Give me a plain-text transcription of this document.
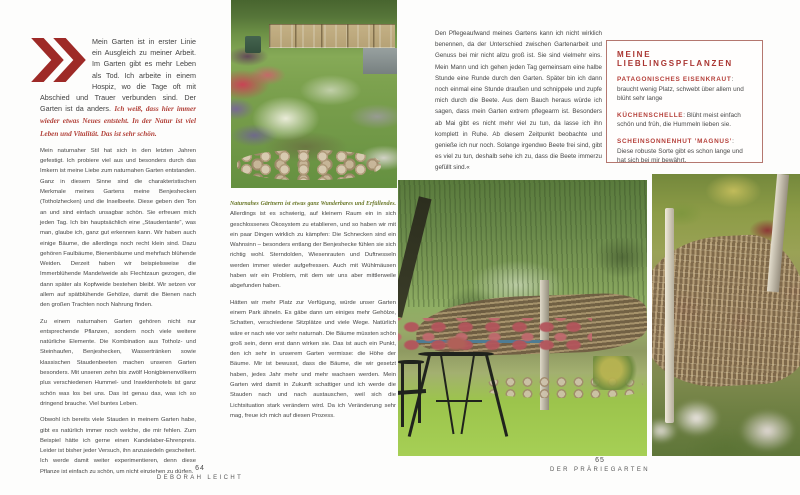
Mein Garten ist in erster Linie ein Ausgleich zu meiner Arbeit. Im Garten gibt es mehr Leben als Tod. Ich arbeite in einem Hospiz, wo die Tage oft mit Abschied und Trauer verbunden sind. Der Garten ist da anders. Ich weiß, dass hier immer wieder etwas Neues entsteht. In der Natur ist viel Leben und Vitalität. Das ist sehr schön.

Mein naturnaher Stil hat sich in den letzten Jahren gefestigt. Ich probiere viel aus und besonders durch das Imkern ist meine Liebe zum naturnahen Garten entstanden. Ganz in diesem Sinne sind die charakteristischen Merkmale meines Gartens meine Benjeshecken (Totholzhecken) und die Inselbeete. Diese geben den Ton an und sind einfach unsagbar schön. Sie erfreuen mich jeden Tag. Ich bin hauptsächlich eine „Staudentante“, was man, glaube ich, ganz gut erkennen kann. Wir haben auch einige Bäume, die allerdings noch recht klein sind. Dazu gehören Faulbäume, Bienenbäume und mehrfach blühende Weiden. Derzeit haben wir beispielsweise die Immerblühende Mandelweide als Flechtzaun gezogen, die dann später als Kopfweide bestehen bleibt. Wir setzen vor allem auf spätblühende Gehölze, damit die Bienen nach den großen Trachten noch Nahrung finden.

Zu einem naturnahen Garten gehören nicht nur entsprechende Pflanzen, sondern noch viele weitere natürliche Elemente. Die Kombination aus Totholz- und Steinhaufen, Benjeshecken, Wassertränken sowie klassischen Staudenbeeten machen unseren Garten besonders. Mit unseren zehn bis zwölf Honigbienenvölkern plus verschiedenen Hummel- und Insektenhotels ist ganz schön was los bei uns. Das ist genau das, was ich so dringend brauche. Viel buntes Leben.

Obwohl ich bereits viele Stauden in meinem Garten habe, gibt es natürlich immer noch welche, die mir fehlen. Zum Beispiel hätte ich gerne einen Kandelaber-Ehrenpreis. Leider ist bisher jeder Versuch, ihn anzusiedeln gescheitert. Ich werde damit weiter experimentieren, denn diese Pflanze ist einfach zu schön, um nicht einziehen zu dürfen.

Naturnahes Gärtnern ist etwas ganz Wunderbares und Erfüllendes. Allerdings ist es schwierig, auf kleinem Raum ein in sich geschlossenes Ökosystem zu etablieren, und so haben wir mit ein paar Dingen wirklich zu kämpfen: Die Schnecken sind ein Wahnsinn – besonders entlang der Benjeshecke fühlen sie sich richtig wohl. Sterndolden, Wiesenrauten und Duftnesseln werden immer wieder aufgefressen. Auch mit Wühlmäusen haben wir ein Problem, mit dem wir uns aber mittlerweile abgefunden haben.

Hätten wir mehr Platz zur Verfügung, würde unser Garten einem Park ähneln. Es gäbe dann um einiges mehr Gehölze, Schatten, verschiedene Sitzplätze und viele Wege. Natürlich wäre er nach wie vor sehr naturnah. Die Bäume müssten schön groß sein, denn erst dann wirken sie. Das ist auch ein Punkt, den ich sehr in unserem Garten vermisse: die Höhe der Bäume. Mir ist bewusst, dass die Bäume, die wir gesetzt haben, jedes Jahr mehr und mehr wachsen werden. Mein Garten wird damit in Zukunft schattiger und ich werde die Stauden nach und nach austauschen, weil sich die Lichtsituation stark verändern wird. Da ich Veränderung sehr mag, freue ich mich auf diesen Prozess.

Den Pflegeaufwand meines Gartens kann ich nicht wirklich benennen, da der Unterschied zwischen Gartenarbeit und Genuss bei mir nicht allzu groß ist. Sie sind vielmehr eins. Mein Mann und ich gehen jeden Tag gemeinsam eine halbe Stunde eine Runde durch den Garten. Später bin ich dann noch einmal eine Stunde draußen und schnippele und zupfe mich durch die Beete. Aus dem Bauch heraus würde ich sagen, dass mein Garten extrem pflegearm ist. Besonders ab Mai gibt es nicht mehr viel zu tun, da lasse ich ihn komplett in Ruhe. Ab diesem Zeitpunkt beobachte und genieße ich nur noch. Solange irgendwo Beete frei sind, gibt es viel zu tun, deshalb sehe ich zu, dass die Beete immerzu gefüllt sind.«

MEINE LIEBLINGSPFLANZEN
PATAGONISCHES EISENKRAUT: braucht wenig Platz, schwebt über allem und blüht sehr lange
KÜCHENSCHELLE: Blüht meist einfach schön und früh, die Hummeln lieben sie.
SCHEINSONNENHUT ’MAGNUS’: Diese robuste Sorte gibt es schon lange und hat sich bei mir bewährt.
64
DEBORAH LEICHT
65
DER PRÄRIEGARTEN
